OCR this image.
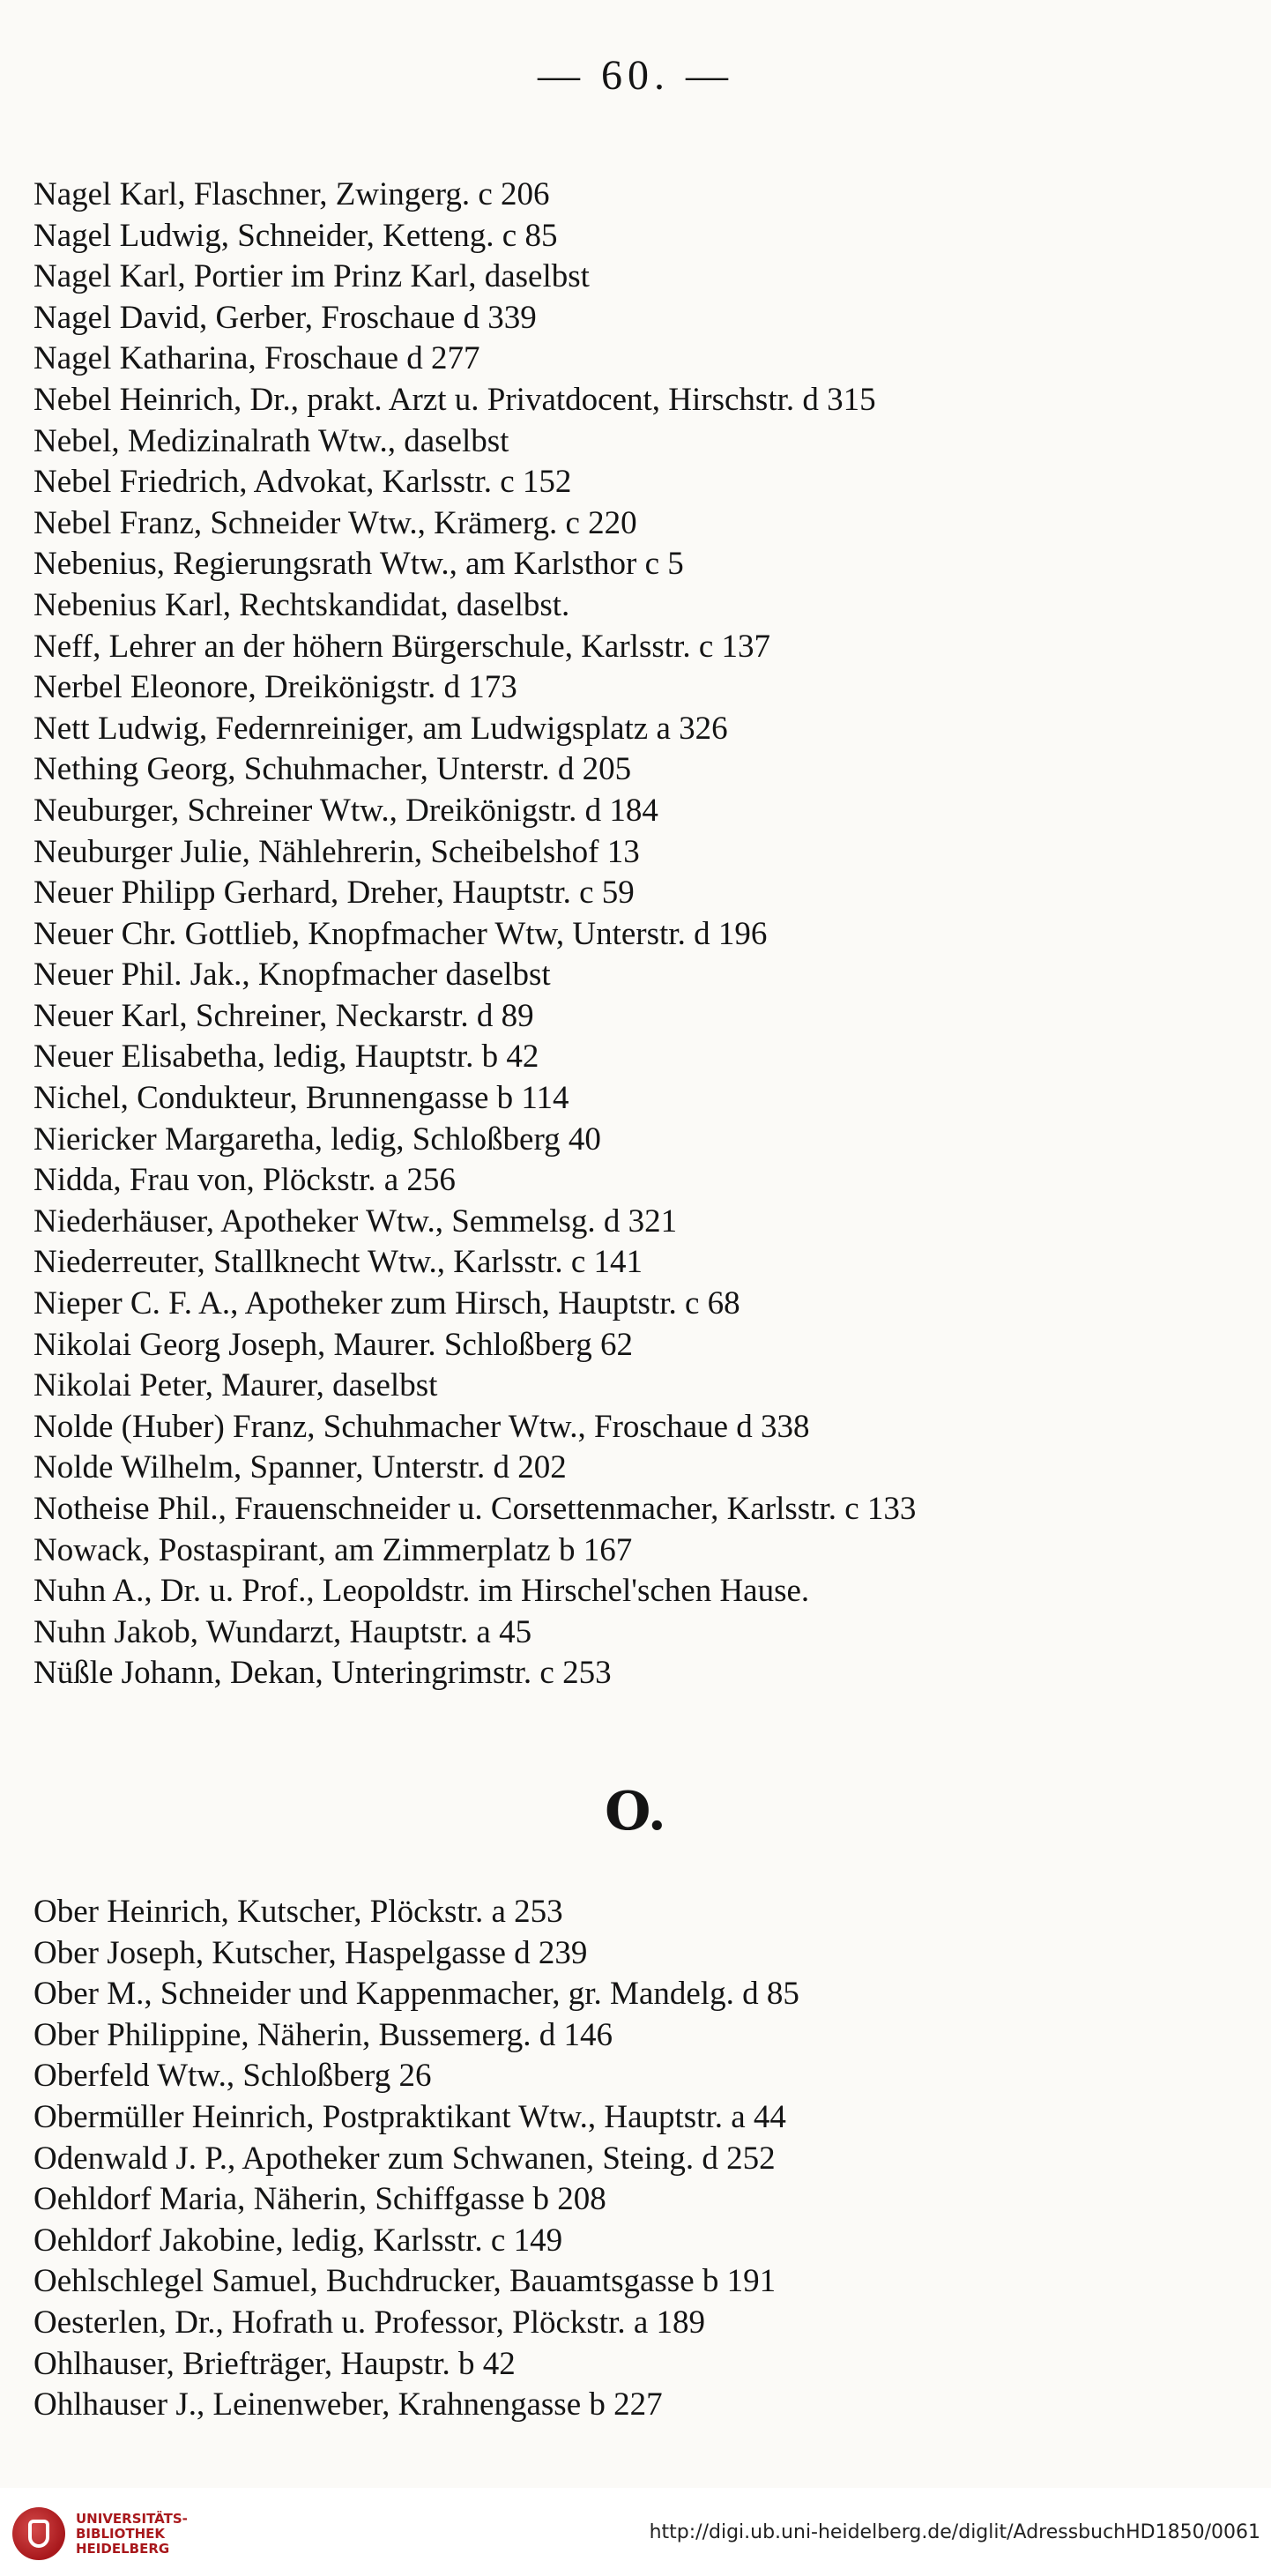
— 60. —
Nagel Karl, Flaschner, Zwingerg. c 206
Nagel Ludwig, Schneider, Ketteng. c 85
Nagel Karl, Portier im Prinz Karl, daselbst
Nagel David, Gerber, Froschaue d 339
Nagel Katharina, Froschaue d 277
Nebel Heinrich, Dr., prakt. Arzt u. Privatdocent, Hirschstr. d 315
Nebel, Medizinalrath Wtw., daselbst
Nebel Friedrich, Advokat, Karlsstr. c 152
Nebel Franz, Schneider Wtw., Krämerg. c 220
Nebenius, Regierungsrath Wtw., am Karlsthor c 5
Nebenius Karl, Rechtskandidat, daselbst.
Neff, Lehrer an der höhern Bürgerschule, Karlsstr. c 137
Nerbel Eleonore, Dreikönigstr. d 173
Nett Ludwig, Federnreiniger, am Ludwigsplatz a 326
Nething Georg, Schuhmacher, Unterstr. d 205
Neuburger, Schreiner Wtw., Dreikönigstr. d 184
Neuburger Julie, Nählehrerin, Scheibelshof 13
Neuer Philipp Gerhard, Dreher, Hauptstr. c 59
Neuer Chr. Gottlieb, Knopfmacher Wtw, Unterstr. d 196
Neuer Phil. Jak., Knopfmacher daselbst
Neuer Karl, Schreiner, Neckarstr. d 89
Neuer Elisabetha, ledig, Hauptstr. b 42
Nichel, Condukteur, Brunnengasse b 114
Niericker Margaretha, ledig, Schloßberg 40
Nidda, Frau von, Plöckstr. a 256
Niederhäuser, Apotheker Wtw., Semmelsg. d 321
Niederreuter, Stallknecht Wtw., Karlsstr. c 141
Nieper C. F. A., Apotheker zum Hirsch, Hauptstr. c 68
Nikolai Georg Joseph, Maurer. Schloßberg 62
Nikolai Peter, Maurer, daselbst
Nolde (Huber) Franz, Schuhmacher Wtw., Froschaue d 338
Nolde Wilhelm, Spanner, Unterstr. d 202
Notheise Phil., Frauenschneider u. Corsettenmacher, Karlsstr. c 133
Nowack, Postaspirant, am Zimmerplatz b 167
Nuhn A., Dr. u. Prof., Leopoldstr. im Hirschel'schen Hause.
Nuhn Jakob, Wundarzt, Hauptstr. a 45
Nüßle Johann, Dekan, Unteringrimstr. c 253
O.
Ober Heinrich, Kutscher, Plöckstr. a 253
Ober Joseph, Kutscher, Haspelgasse d 239
Ober M., Schneider und Kappenmacher, gr. Mandelg. d 85
Ober Philippine, Näherin, Bussemerg. d 146
Oberfeld Wtw., Schloßberg 26
Obermüller Heinrich, Postpraktikant Wtw., Hauptstr. a 44
Odenwald J. P., Apotheker zum Schwanen, Steing. d 252
Oehldorf Maria, Näherin, Schiffgasse b 208
Oehldorf Jakobine, ledig, Karlsstr. c 149
Oehlschlegel Samuel, Buchdrucker, Bauamtsgasse b 191
Oesterlen, Dr., Hofrath u. Professor, Plöckstr. a 189
Ohlhauser, Briefträger, Haupstr. b 42
Ohlhauser J., Leinenweber, Krahnengasse b 227
UNIVERSITÄTS-
BIBLIOTHEK
HEIDELBERG
http://digi.ub.uni-heidelberg.de/diglit/AdressbuchHD1850/0061
